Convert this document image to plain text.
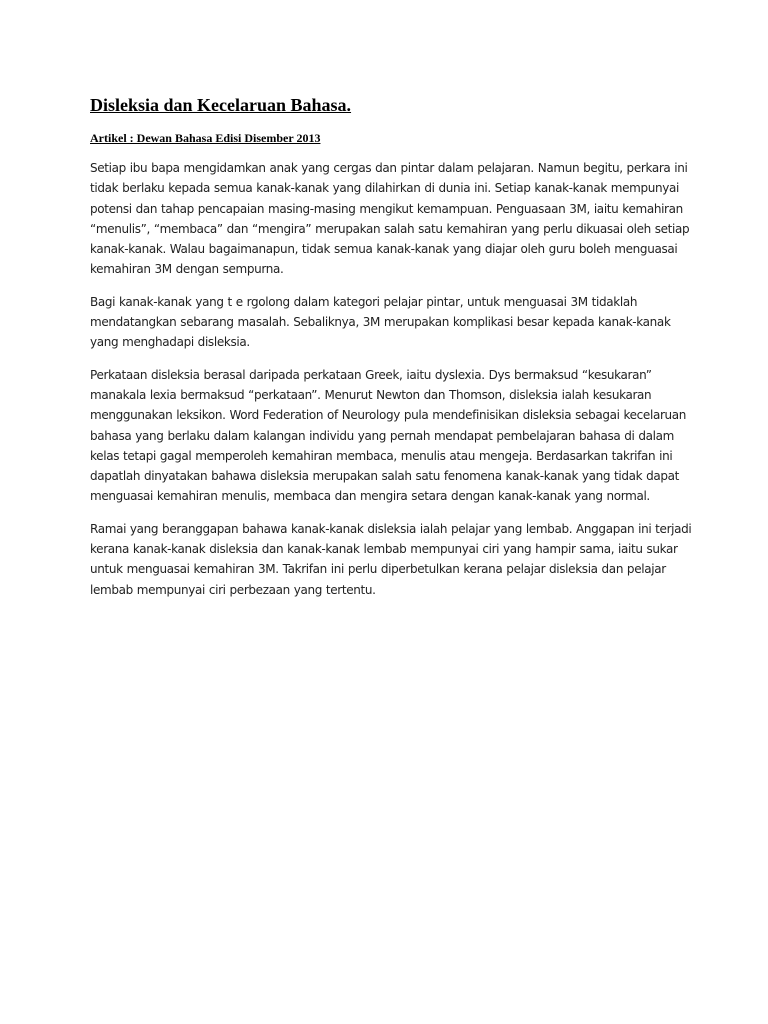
Disleksia dan Kecelaruan Bahasa.
Artikel : Dewan Bahasa Edisi Disember 2013

Setiap ibu bapa mengidamkan anak yang cergas dan pintar dalam pelajaran. Namun begitu, perkara ini
tidak berlaku kepada semua kanak-kanak yang dilahirkan di dunia ini. Setiap kanak-kanak mempunyai
potensi dan tahap pencapaian masing-masing mengikut kemampuan. Penguasaan 3M, iaitu kemahiran
“menulis”, “membaca” dan “mengira” merupakan salah satu kemahiran yang perlu dikuasai oleh setiap
kanak-kanak. Walau bagaimanapun, tidak semua kanak-kanak yang diajar oleh guru boleh menguasai
kemahiran 3M dengan sempurna.

Bagi kanak-kanak yang t e rgolong dalam kategori pelajar pintar, untuk menguasai 3M tidaklah
mendatangkan sebarang masalah. Sebaliknya, 3M merupakan komplikasi besar kepada kanak-kanak
yang menghadapi disleksia.

Perkataan disleksia berasal daripada perkataan Greek, iaitu dyslexia. Dys bermaksud “kesukaran”
manakala lexia bermaksud “perkataan”. Menurut Newton dan Thomson, disleksia ialah kesukaran
menggunakan leksikon. Word Federation of Neurology pula mendefinisikan disleksia sebagai kecelaruan
bahasa yang berlaku dalam kalangan individu yang pernah mendapat pembelajaran bahasa di dalam
kelas tetapi gagal memperoleh kemahiran membaca, menulis atau mengeja. Berdasarkan takrifan ini
dapatlah dinyatakan bahawa disleksia merupakan salah satu fenomena kanak-kanak yang tidak dapat
menguasai kemahiran menulis, membaca dan mengira setara dengan kanak-kanak yang normal.

Ramai yang beranggapan bahawa kanak-kanak disleksia ialah pelajar yang lembab. Anggapan ini terjadi
kerana kanak-kanak disleksia dan kanak-kanak lembab mempunyai ciri yang hampir sama, iaitu sukar
untuk menguasai kemahiran 3M. Takrifan ini perlu diperbetulkan kerana pelajar disleksia dan pelajar
lembab mempunyai ciri perbezaan yang tertentu.
